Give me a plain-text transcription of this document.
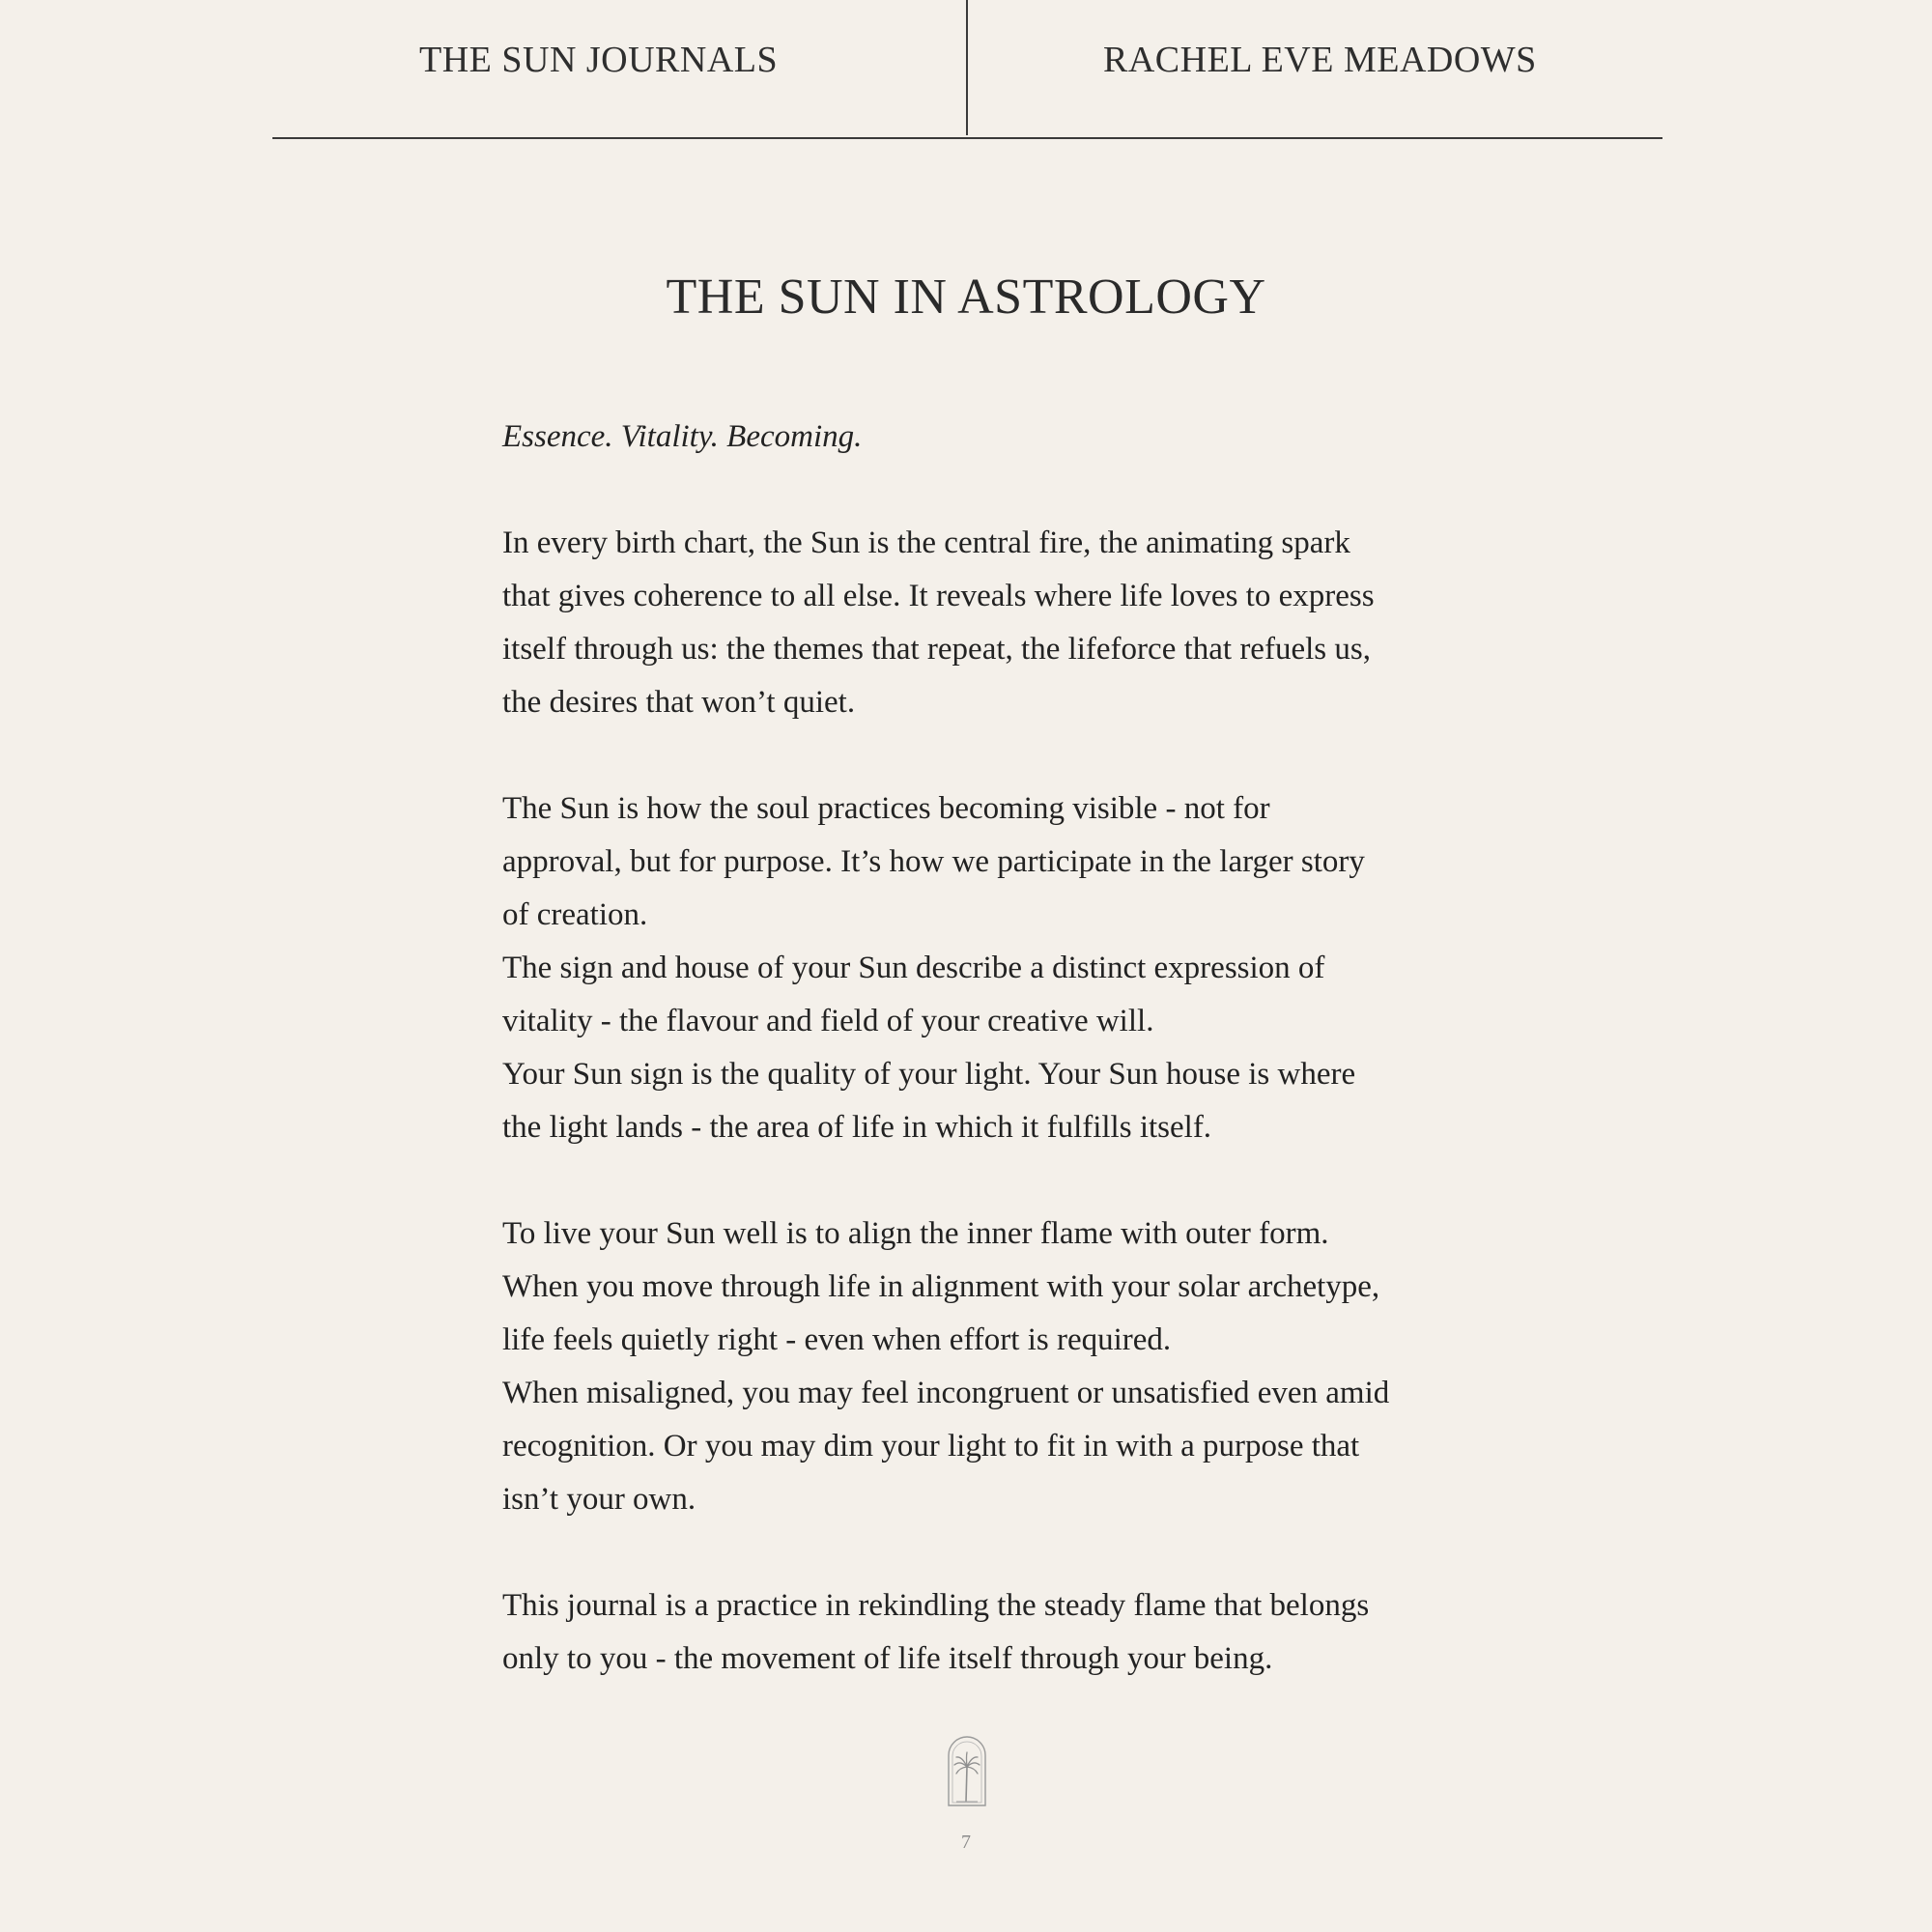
THE SUN JOURNALS	RACHEL EVE MEADOWS
THE SUN IN ASTROLOGY

Essence. Vitality. Becoming.

In every birth chart, the Sun is the central fire, the animating spark
that gives coherence to all else. It reveals where life loves to express
itself through us: the themes that repeat, the lifeforce that refuels us,
the desires that won’t quiet.

The Sun is how the soul practices becoming visible - not for
approval, but for purpose. It’s how we participate in the larger story
of creation.
The sign and house of your Sun describe a distinct expression of
vitality - the flavour and field of your creative will.
Your Sun sign is the quality of your light. Your Sun house is where
the light lands - the area of life in which it fulfills itself.

To live your Sun well is to align the inner flame with outer form.
When you move through life in alignment with your solar archetype,
life feels quietly right - even when effort is required.
When misaligned, you may feel incongruent or unsatisfied even amid
recognition. Or you may dim your light to fit in with a purpose that
isn’t your own.

This journal is a practice in rekindling the steady flame that belongs
only to you - the movement of life itself through your being.

7
